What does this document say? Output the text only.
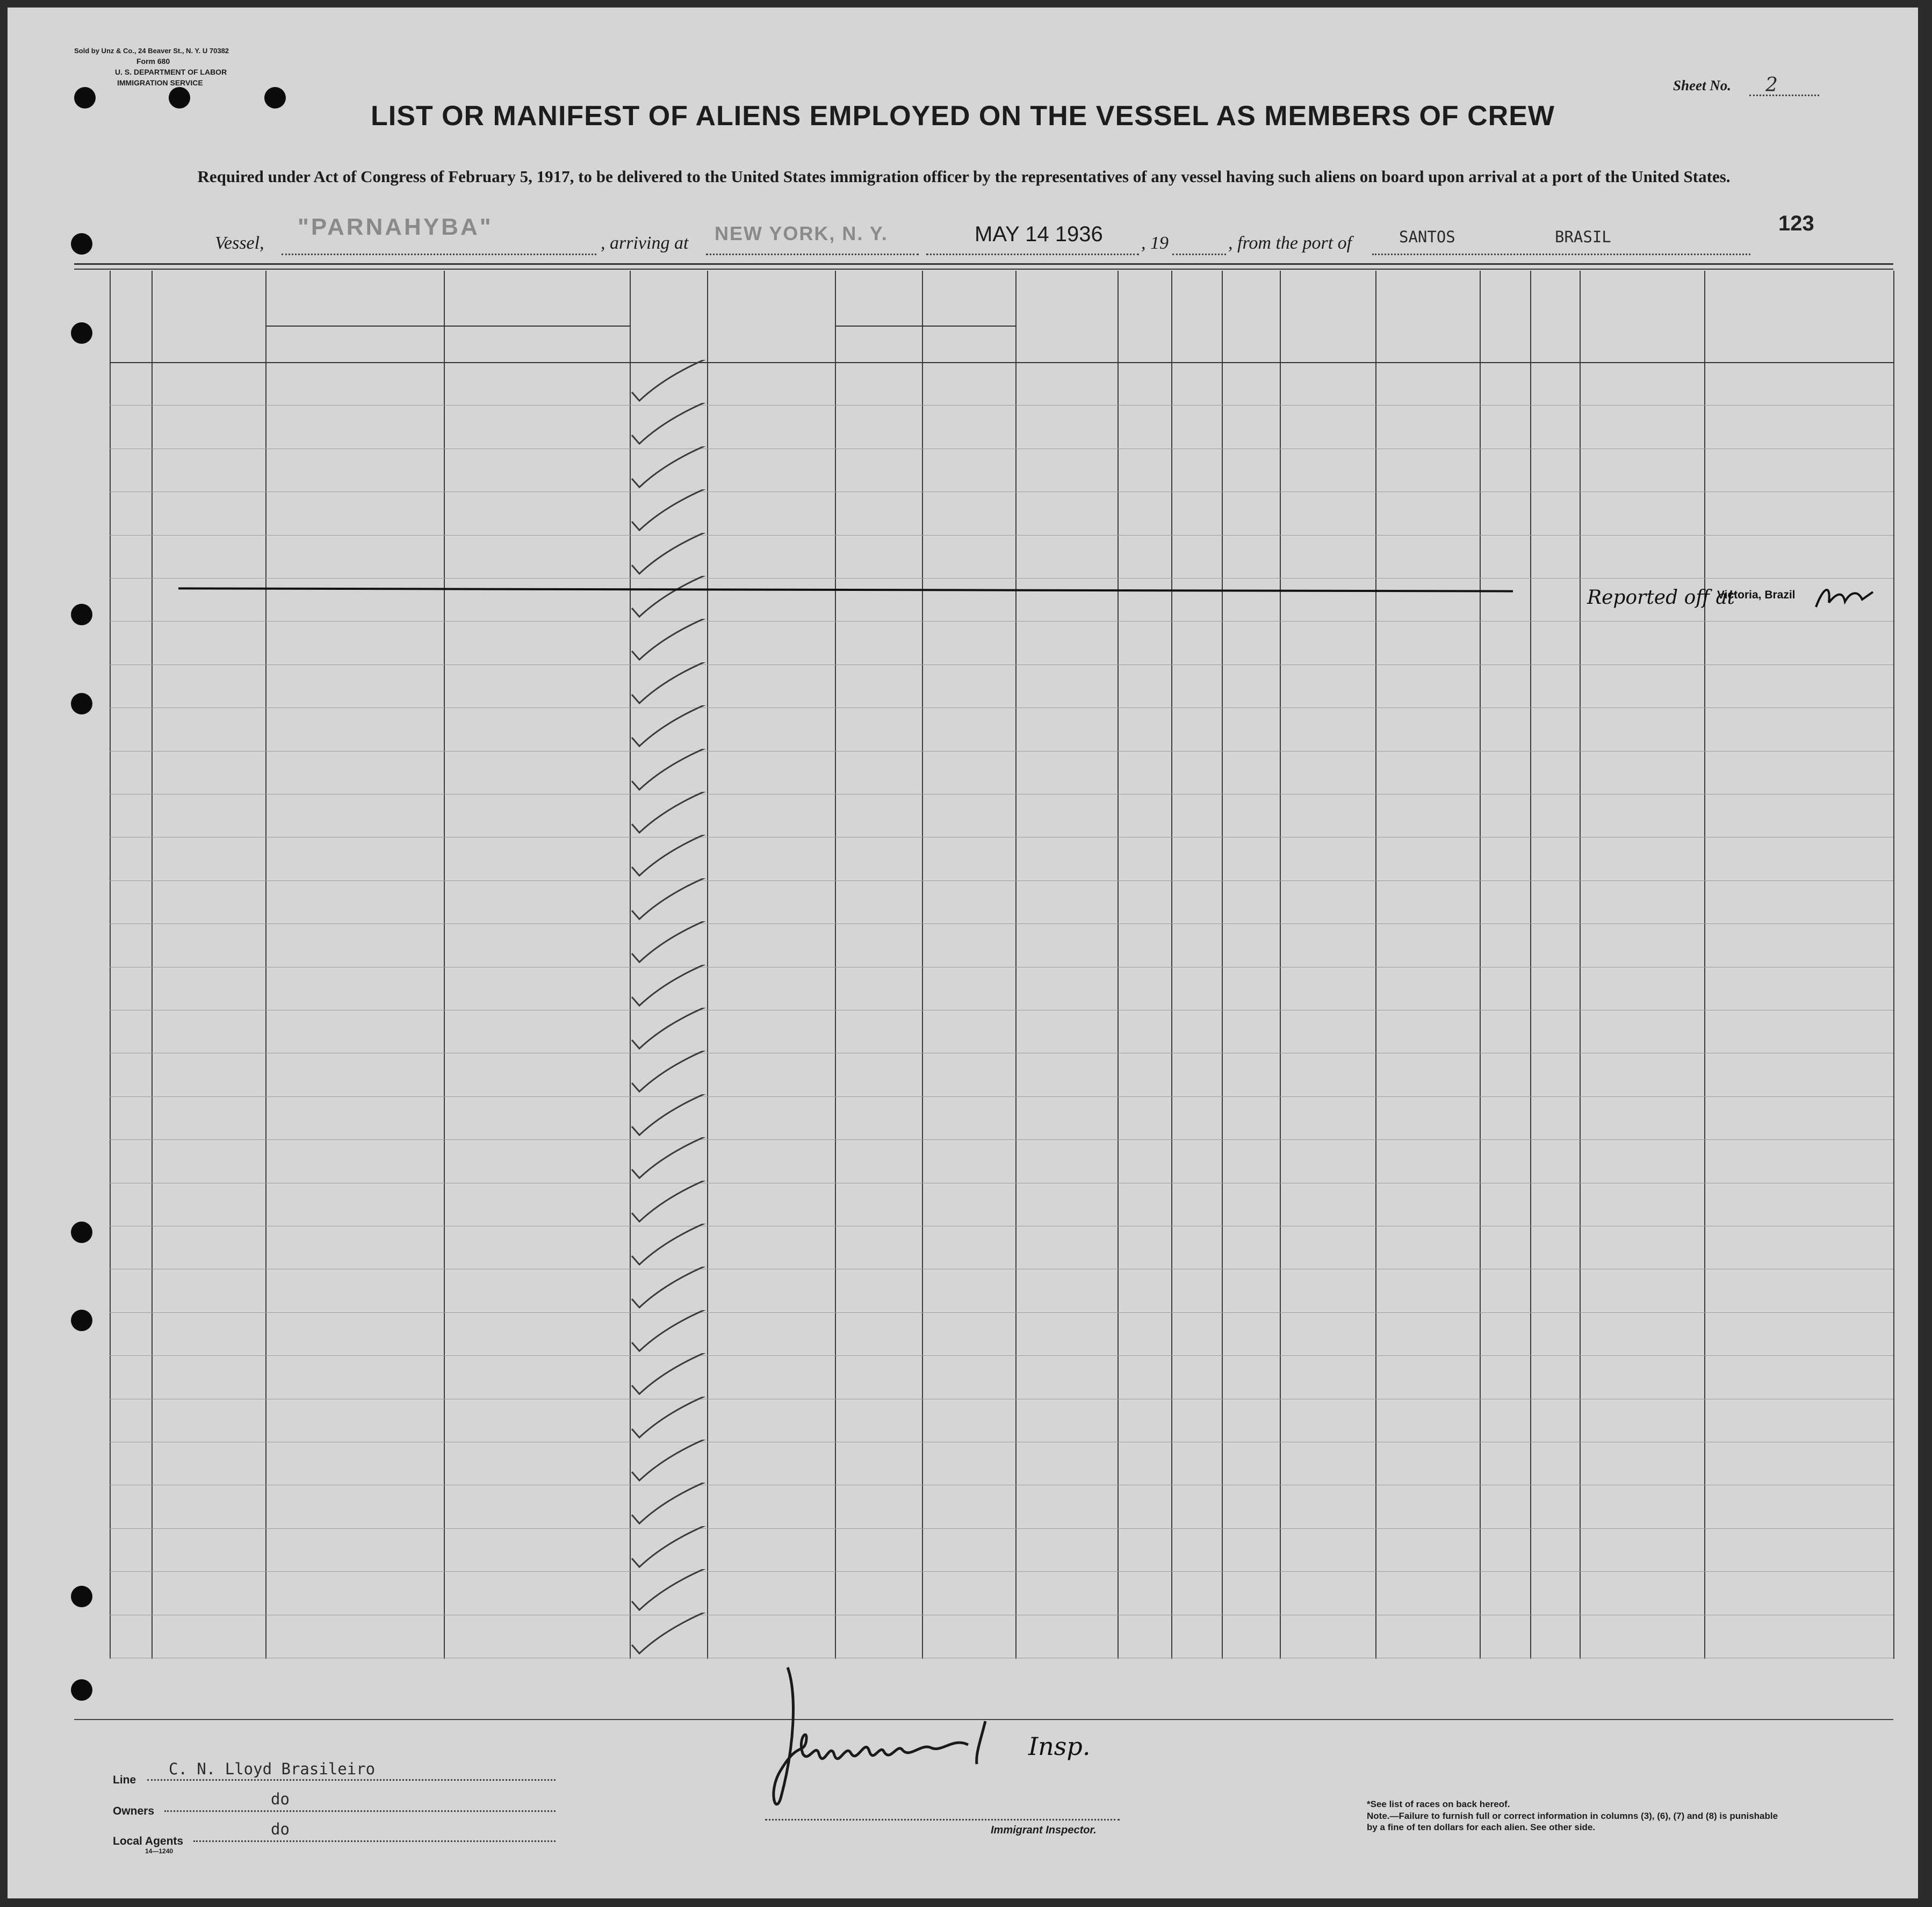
Sold by Unz & Co., 24 Beaver St., N. Y. U 70382
Form 680
U. S. DEPARTMENT OF LABOR
IMMIGRATION SERVICE	Sheet No. 2
LIST OR MANIFEST OF ALIENS EMPLOYED ON THE VESSEL AS MEMBERS OF CREW
Required under Act of Congress of February 5, 1917, to be delivered to the United States immigration officer by the representatives of any vessel having such aliens on board upon arrival at a port of the United States.
Vessel,
"PARNAHYBA"
, arriving at NEW YORK, N. Y.	MAY 14 1936 , 19	, from the port of	SANTOS	BRASIL
123
Reported off at
Victoria, Brazil
Insp.
Immigrant Inspector.
Line
C. N. Lloyd Brasileiro
Owners
do
Local Agents
do
14—1240
*See list of races on back hereof.
Note.—Failure to furnish full or correct information in columns (3), (6), (7) and (8) is punishable by a fine of ten dollars for each alien. See other side.
